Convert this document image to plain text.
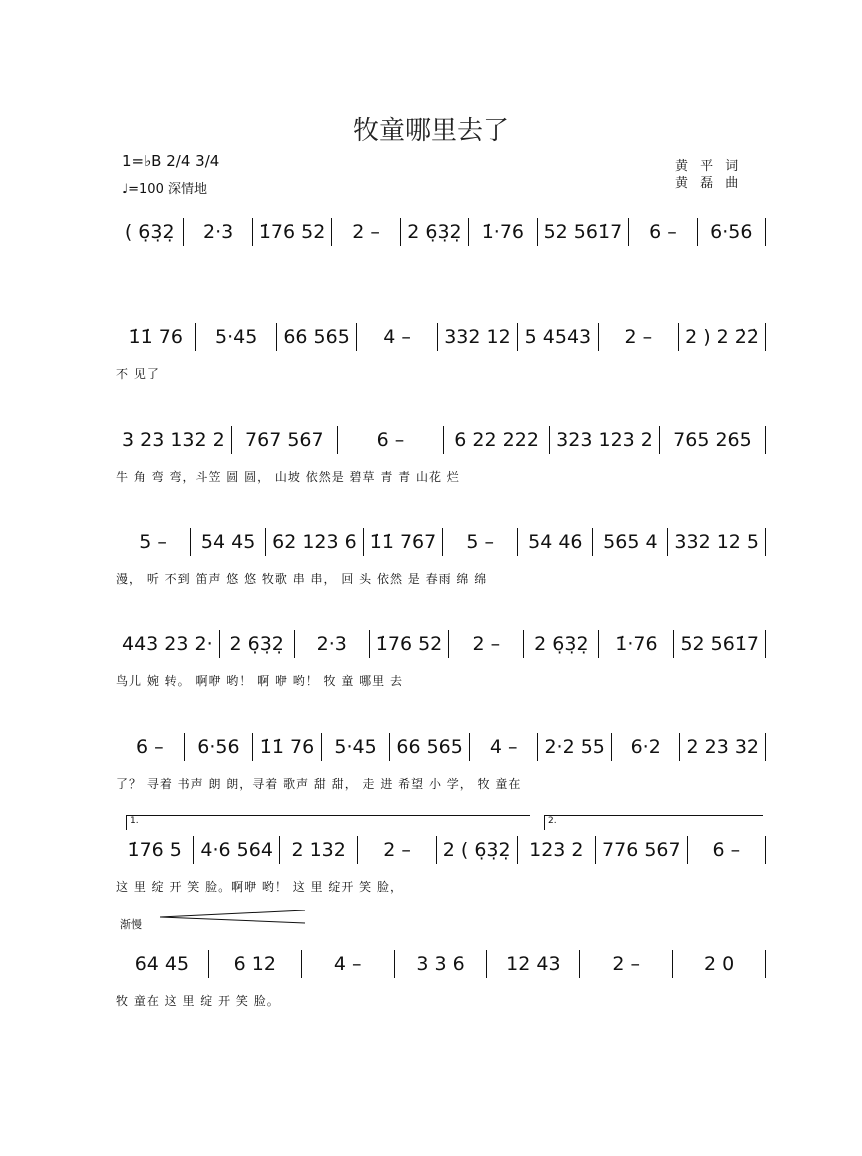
牧童哪里去了
1=♭B 2/4 3/4	黄 平 词
黄 磊 曲
♩=100 深情地
( 6̣3̣2̣	2·3	1̇76 52	2 –	2 6̣3̣2̣	1̇·76	52 561̇7	6 –	6·56
1̇1̇ 76	5·45	66 565	4 –	332 12 5 4543	2 –	2 ) 2 2̇2̇
不 见了
3 23 132 2	767 567	6 –	6 22 222 323 123 2	765 265
牛 角 弯 弯，斗笠 圆 圆， 山坡 依然是 碧草 青 青 山花 烂
5 –	54 45 62 123 6 1̇1̇ 767	5 –	54 46	565 4 332 12 5
漫， 听 不到 笛声 悠 悠 牧歌 串 串， 回 头 依然 是 春雨 绵 绵
443 23 2· 2 6̣3̣2̣	2·3	1̇76 52	2 –	2 6̣3̣2̣	1̇·76	52 561̇7
鸟儿 婉 转。 啊咿 哟！ 啊 咿 哟！ 牧 童 哪里 去
6 –	6·56	1̇1̇ 76	5·45	66 565	4 –	2·2 55	6·2	2 23 32
了？ 寻着 书声 朗 朗，寻着 歌声 甜 甜， 走 进 希望 小 学， 牧 童在
1̇76 5 4·6 564 2 132	2 –	2 ( 6̣3̣2̣ 123 2 776 567	6 –
这 里 绽 开 笑 脸。啊咿 哟！ 这 里 绽开 笑 脸，
64 45	6 12	4 –	3 3 6	12 43	2 –	2 0
牧 童在 这 里 绽 开 笑 脸。
1.	2.
渐慢
